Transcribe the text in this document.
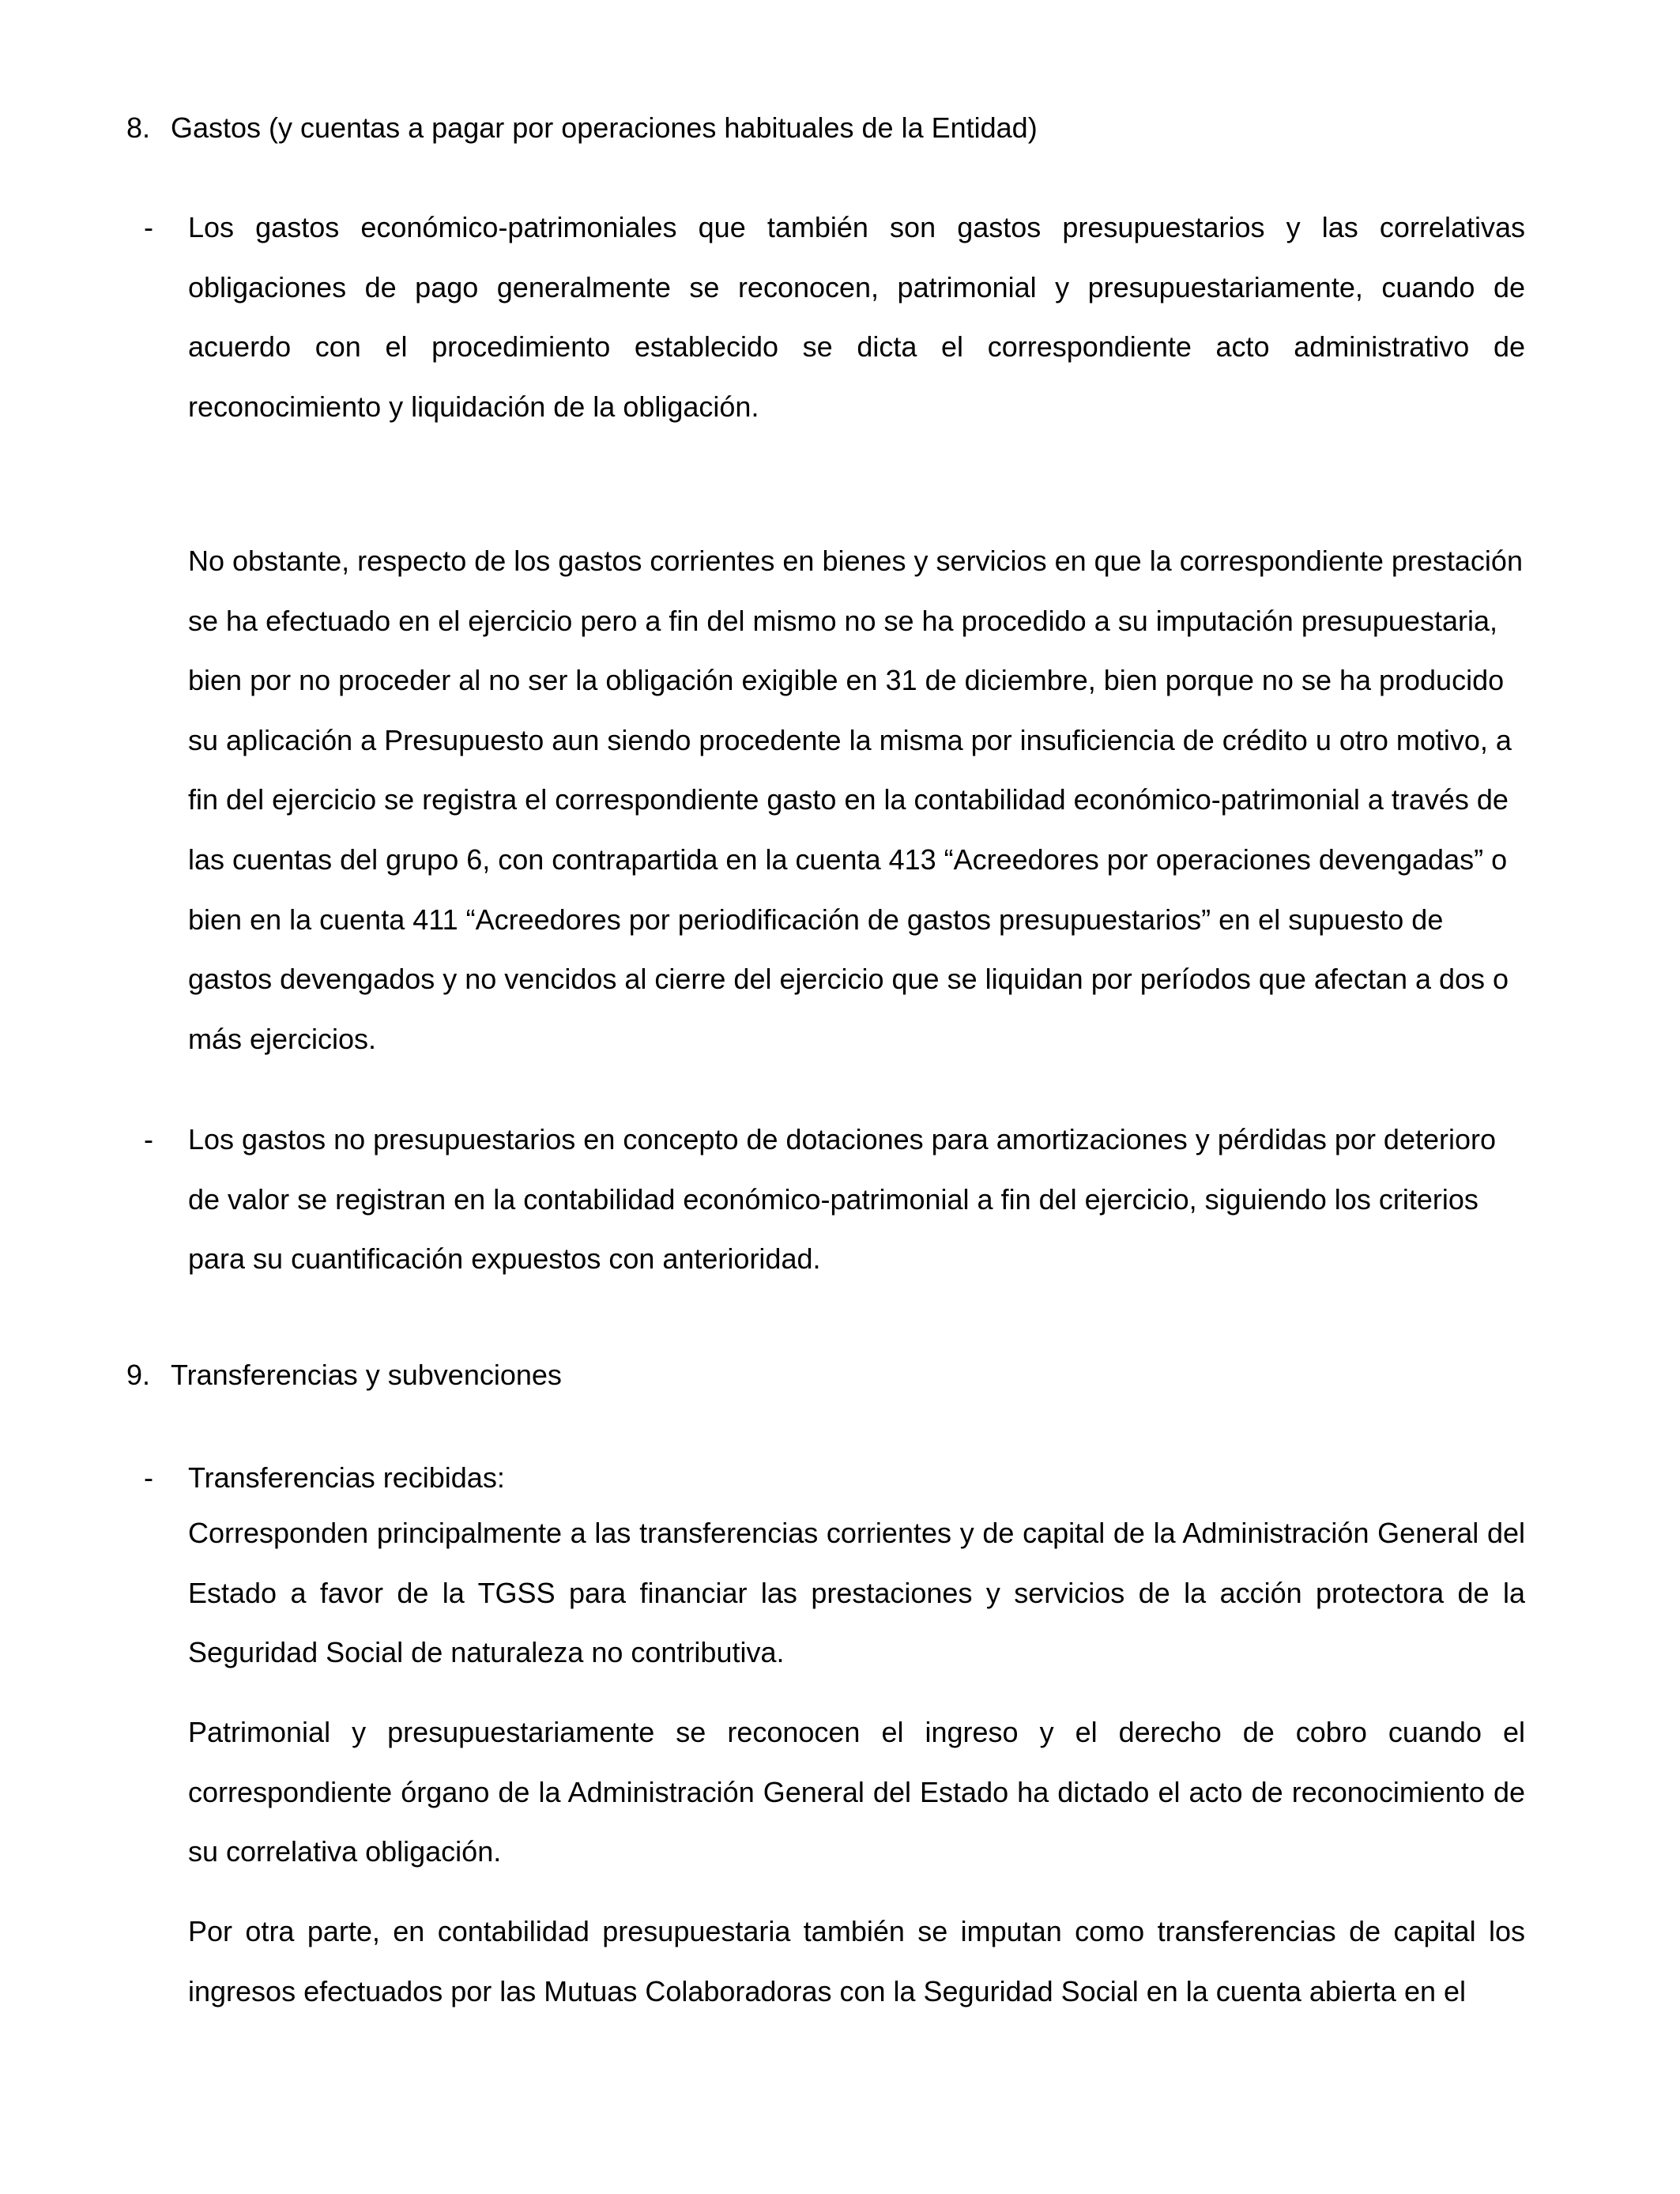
8. Gastos (y cuentas a pagar por operaciones habituales de la Entidad)
- Los gastos económico-patrimoniales que también son gastos presupuestarios y las correlativas obligaciones de pago generalmente se reconocen, patrimonial y presupuestariamente, cuando de acuerdo con el procedimiento establecido se dicta el correspondiente acto administrativo de reconocimiento y liquidación de la obligación.

No obstante, respecto de los gastos corrientes en bienes y servicios en que la correspondiente prestación se ha efectuado en el ejercicio pero a fin del mismo no se ha procedido a su imputación presupuestaria, bien por no proceder al no ser la obligación exigible en 31 de diciembre, bien porque no se ha producido su aplicación a Presupuesto aun siendo procedente la misma por insuficiencia de crédito u otro motivo, a fin del ejercicio se registra el correspondiente gasto en la contabilidad económico-patrimonial a través de las cuentas del grupo 6, con contrapartida en la cuenta 413 “Acreedores por operaciones devengadas” o bien en la cuenta 411 “Acreedores por periodificación de gastos presupuestarios” en el supuesto de gastos devengados y no vencidos al cierre del ejercicio que se liquidan por períodos que afectan a dos o más ejercicios.

- Los gastos no presupuestarios en concepto de dotaciones para amortizaciones y pérdidas por deterioro de valor se registran en la contabilidad económico-patrimonial a fin del ejercicio, siguiendo los criterios para su cuantificación expuestos con anterioridad.

9. Transferencias y subvenciones
- Transferencias recibidas:

Corresponden principalmente a las transferencias corrientes y de capital de la Administración General del Estado a favor de la TGSS para financiar las prestaciones y servicios de la acción protectora de la Seguridad Social de naturaleza no contributiva.

Patrimonial y presupuestariamente se reconocen el ingreso y el derecho de cobro cuando el correspondiente órgano de la Administración General del Estado ha dictado el acto de reconocimiento de su correlativa obligación.

Por otra parte, en contabilidad presupuestaria también se imputan como transferencias de capital los ingresos efectuados por las Mutuas Colaboradoras con la Seguridad Social en la cuenta abierta en el
